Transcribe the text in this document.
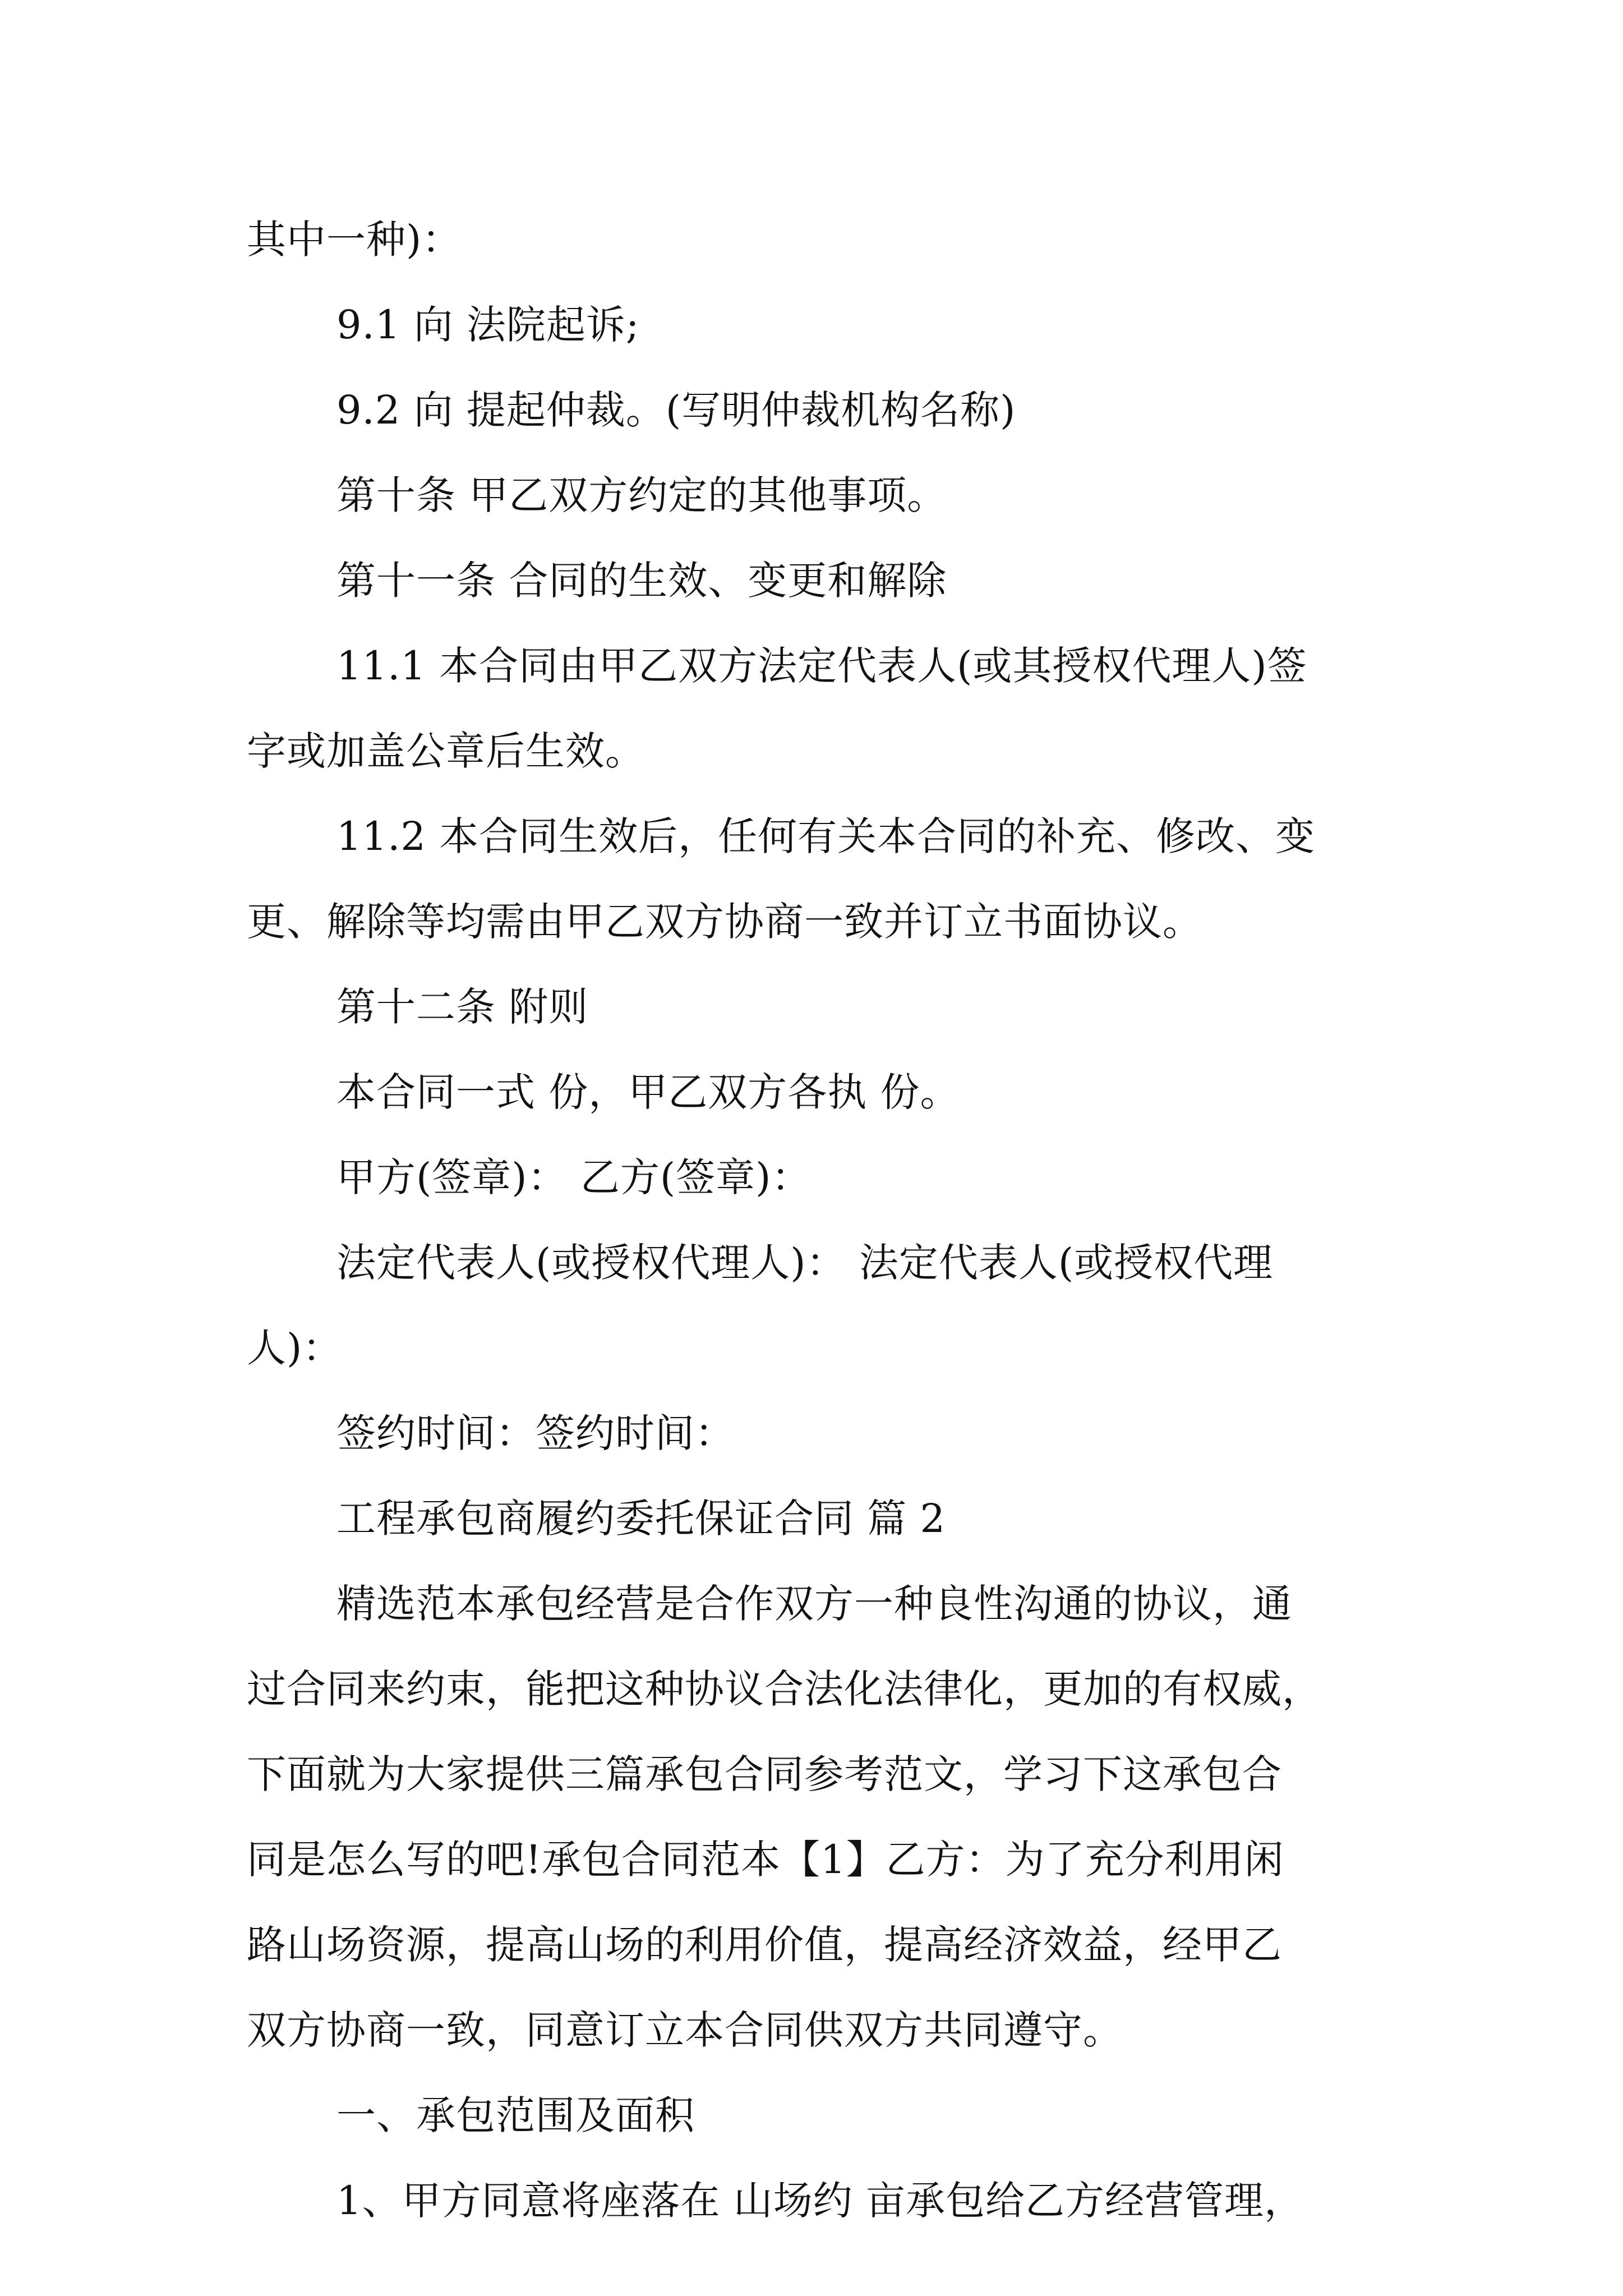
其中一种)：
9.1 向 法院起诉;
9.2 向 提起仲裁。(写明仲裁机构名称)
第十条 甲乙双方约定的其他事项。
第十一条 合同的生效、变更和解除
11.1 本合同由甲乙双方法定代表人(或其授权代理人)签
字或加盖公章后生效。
11.2 本合同生效后，任何有关本合同的补充、修改、变
更、解除等均需由甲乙双方协商一致并订立书面协议。
第十二条 附则
本合同一式 份，甲乙双方各执 份。
甲方(签章)： 乙方(签章)：
法定代表人(或授权代理人)： 法定代表人(或授权代理
人)：
签约时间：签约时间：
工程承包商履约委托保证合同 篇 2
精选范本承包经营是合作双方一种良性沟通的协议，通
过合同来约束，能把这种协议合法化法律化，更加的有权威，
下面就为大家提供三篇承包合同参考范文，学习下这承包合
同是怎么写的吧!承包合同范本【1】乙方：为了充分利用闲
路山场资源，提高山场的利用价值，提高经济效益，经甲乙
双方协商一致，同意订立本合同供双方共同遵守。
一、承包范围及面积
1、甲方同意将座落在 山场约 亩承包给乙方经营管理，
